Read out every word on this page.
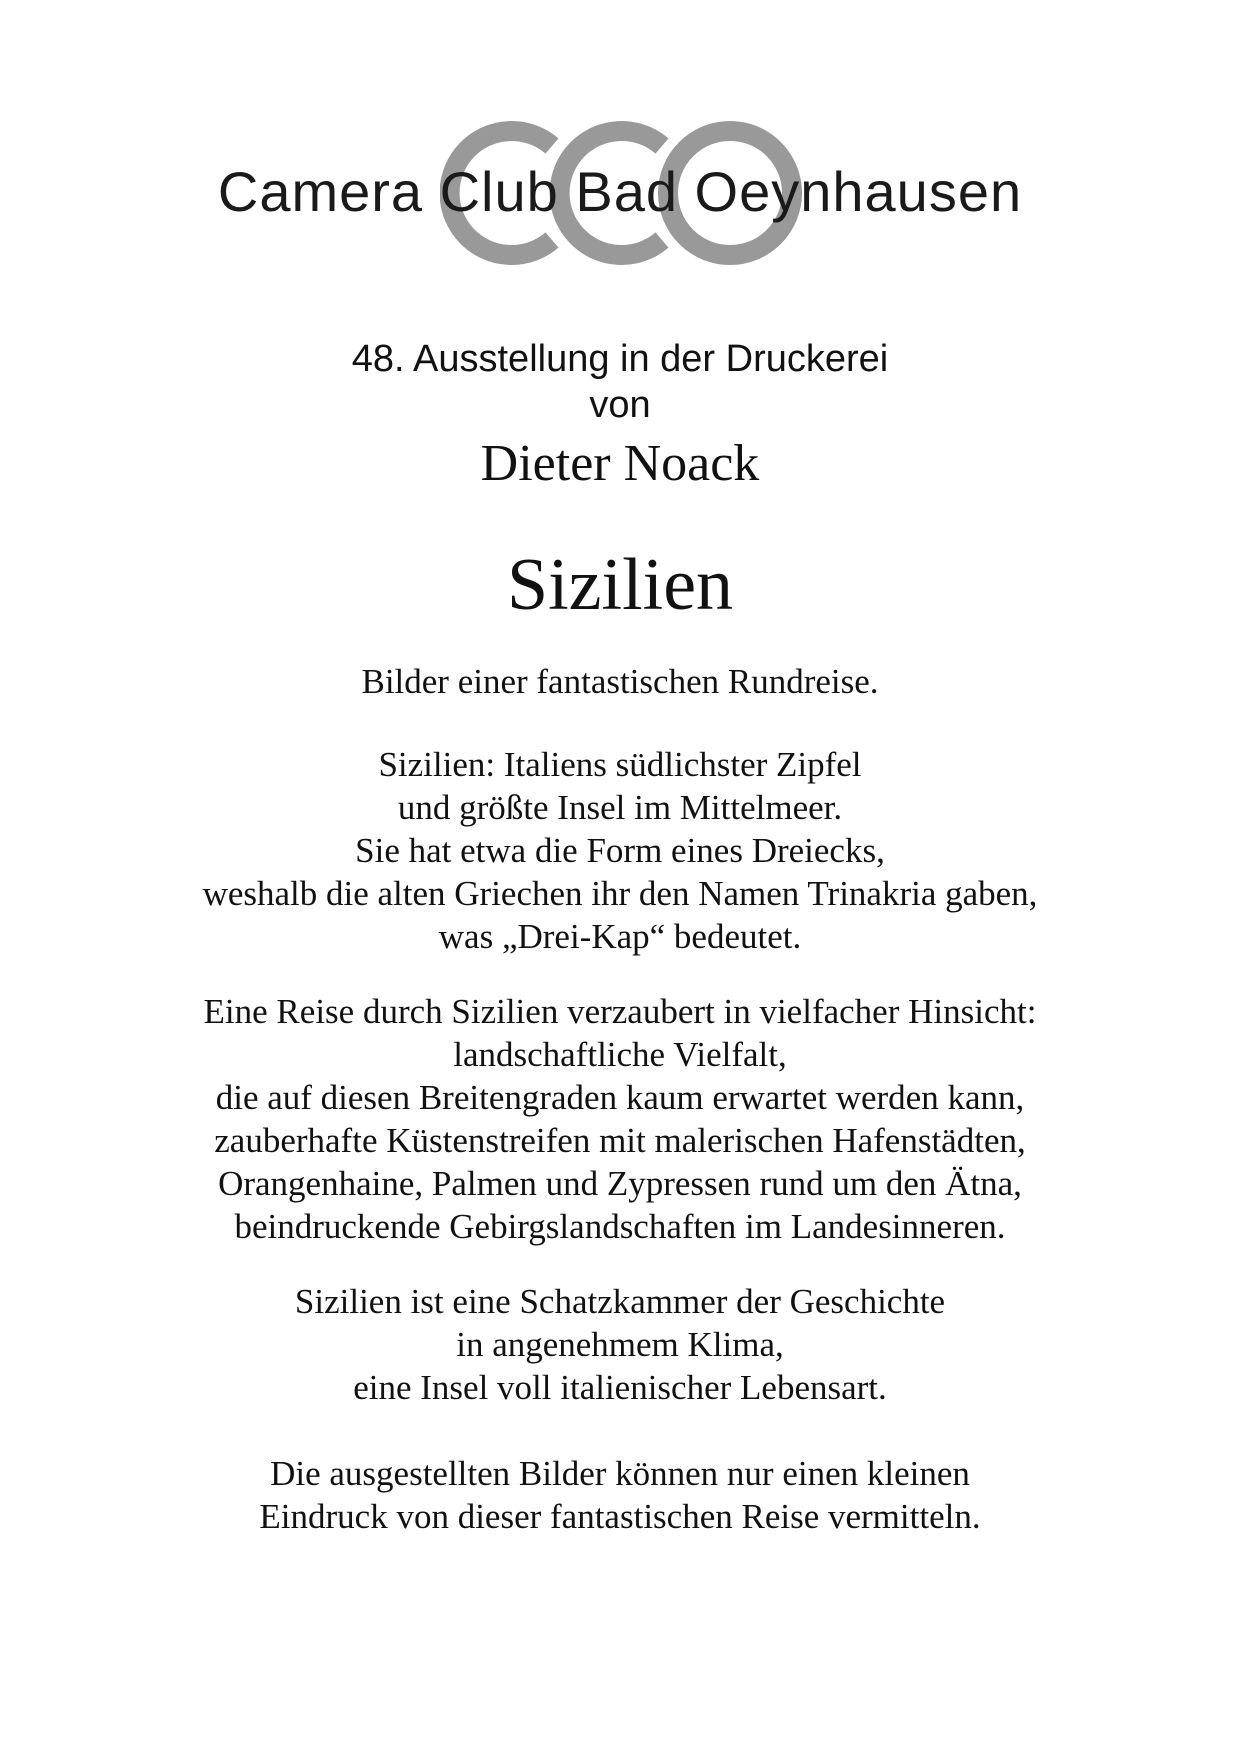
Camera Club Bad Oeynhausen
48. Ausstellung in der Druckerei
von
Dieter Noack
Sizilien

Bilder einer fantastischen Rundreise.

Sizilien: Italiens südlichster Zipfel
und größte Insel im Mittelmeer.
Sie hat etwa die Form eines Dreiecks,
weshalb die alten Griechen ihr den Namen Trinakria gaben,
was „Drei-Kap“ bedeutet.

Eine Reise durch Sizilien verzaubert in vielfacher Hinsicht:
landschaftliche Vielfalt,
die auf diesen Breitengraden kaum erwartet werden kann,
zauberhafte Küstenstreifen mit malerischen Hafenstädten,
Orangenhaine, Palmen und Zypressen rund um den Ätna,
beindruckende Gebirgslandschaften im Landesinneren.

Sizilien ist eine Schatzkammer der Geschichte
in angenehmem Klima,
eine Insel voll italienischer Lebensart.

Die ausgestellten Bilder können nur einen kleinen
Eindruck von dieser fantastischen Reise vermitteln.
